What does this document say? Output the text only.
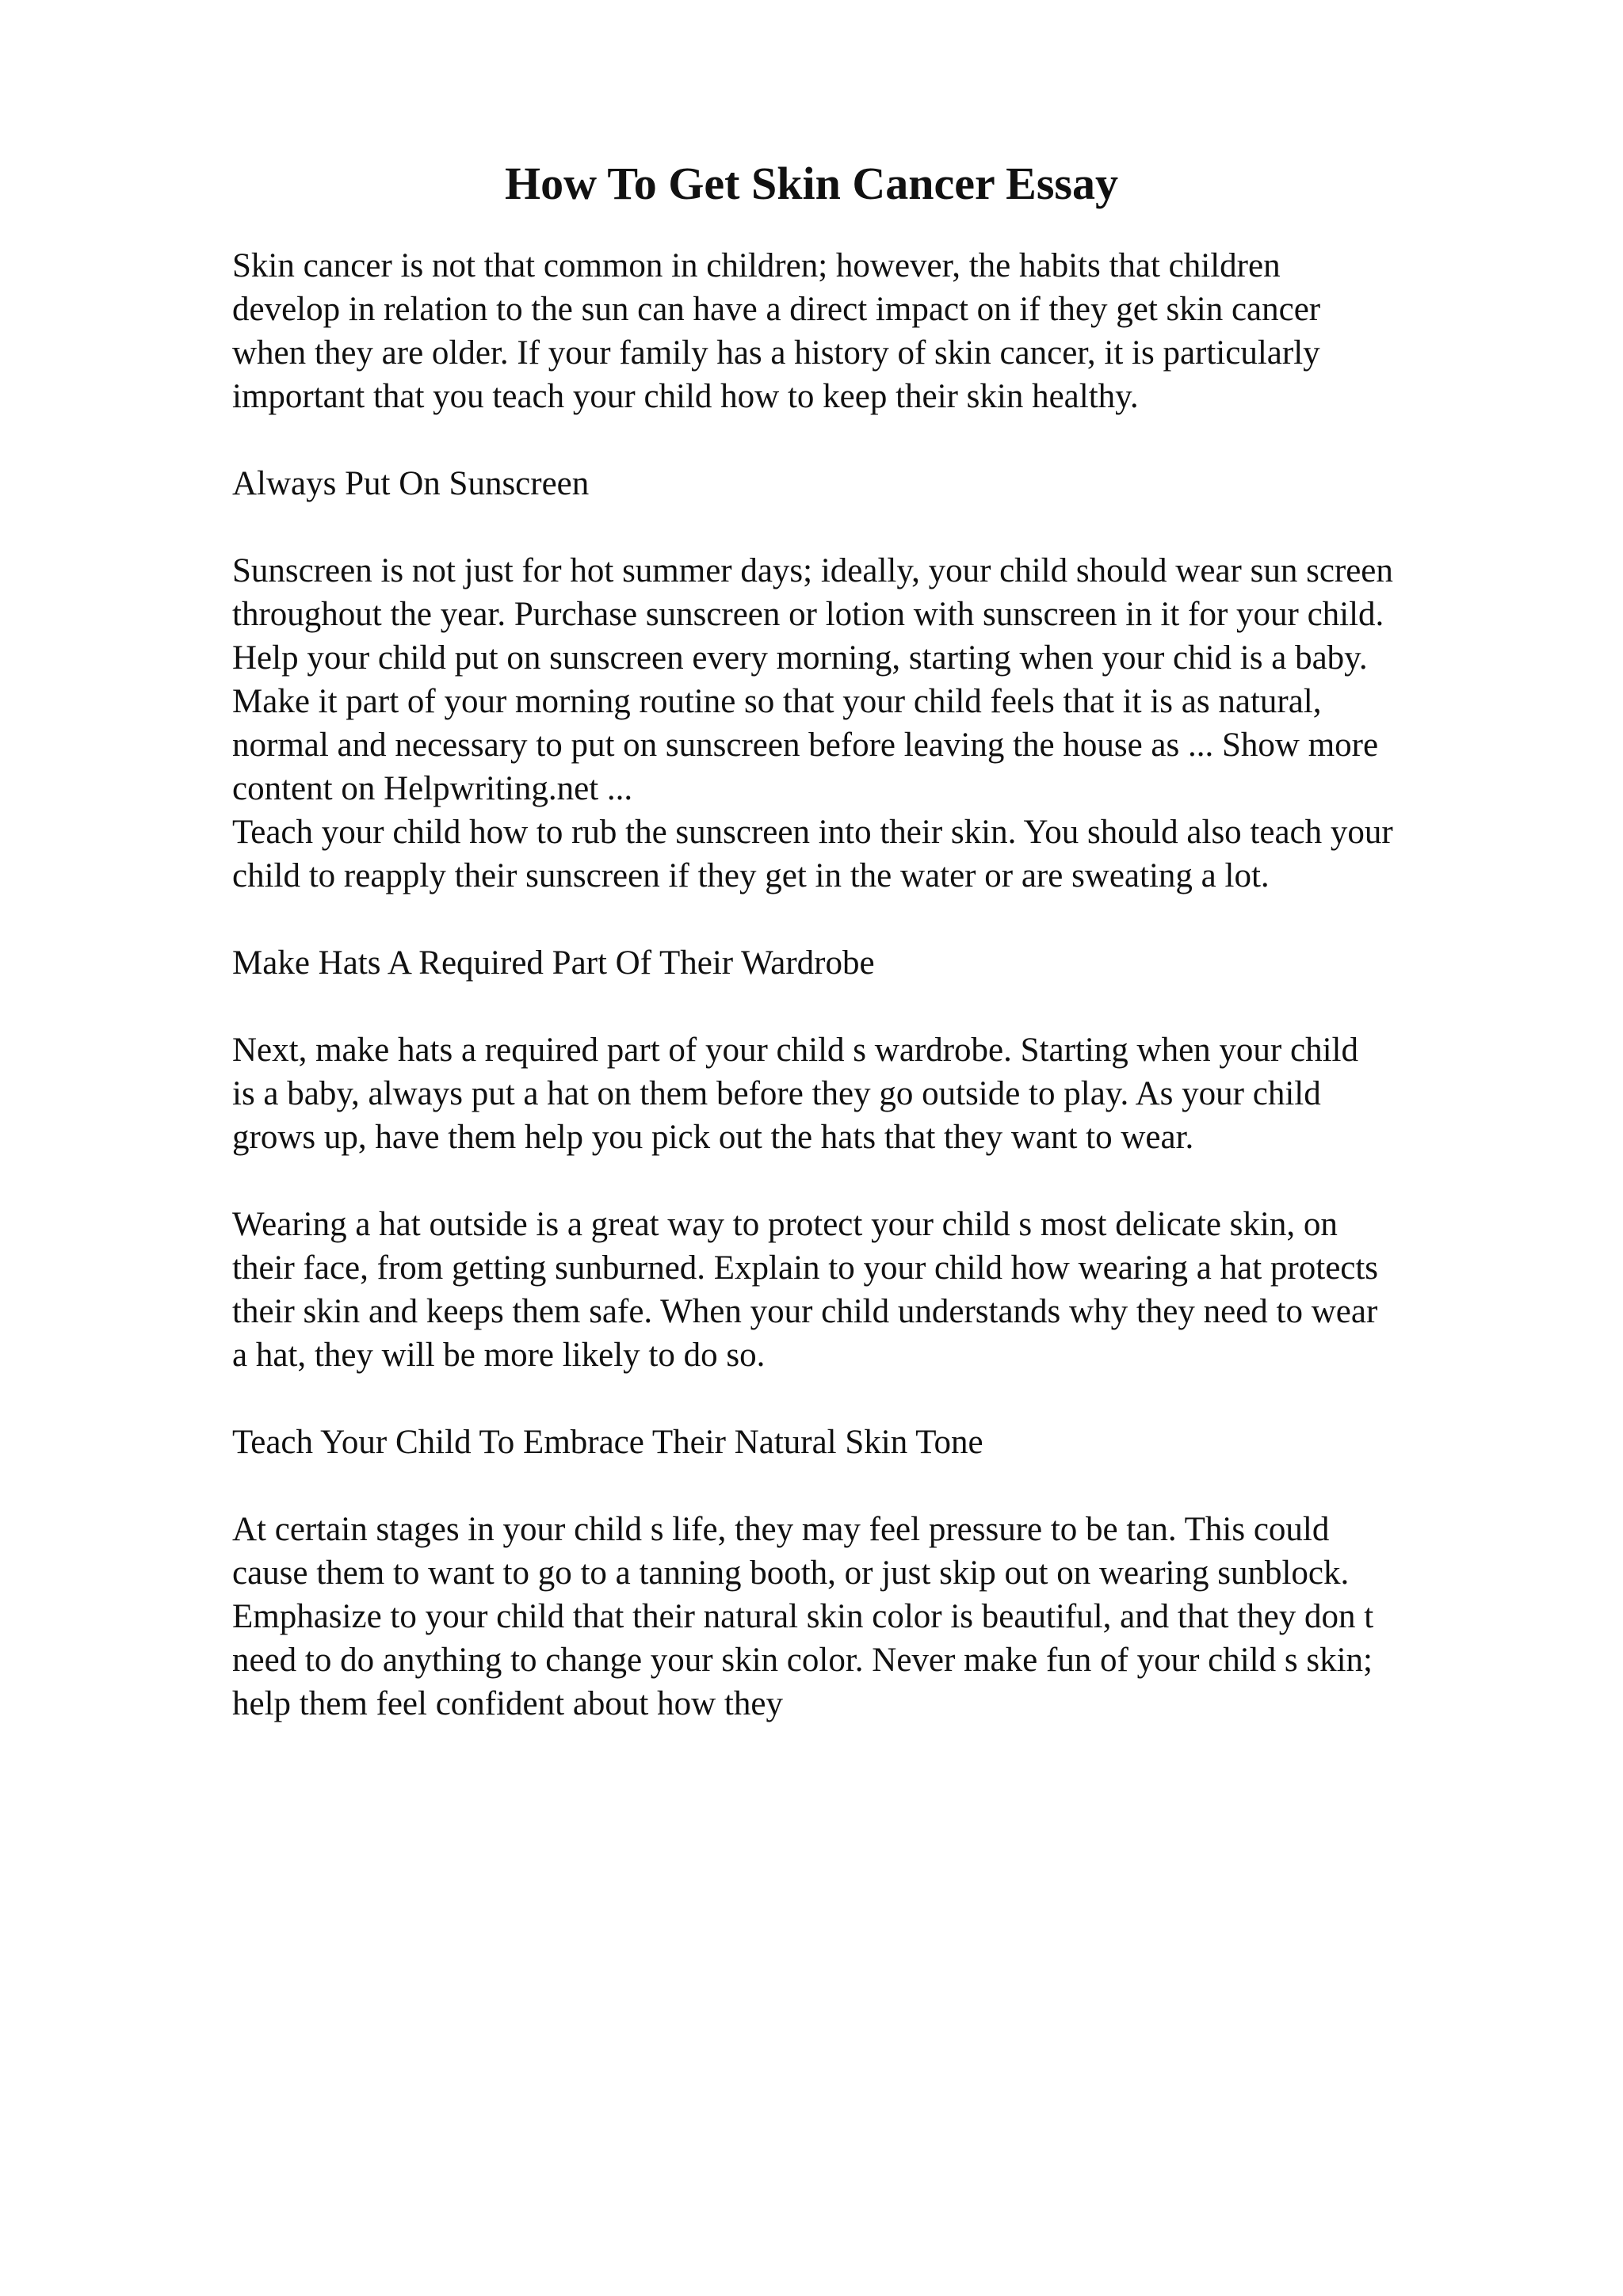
How To Get Skin Cancer Essay

Skin cancer is not that common in children; however, the habits that children
develop in relation to the sun can have a direct impact on if they get skin cancer
when they are older. If your family has a history of skin cancer, it is particularly
important that you teach your child how to keep their skin healthy.

Always Put On Sunscreen

Sunscreen is not just for hot summer days; ideally, your child should wear sun screen
throughout the year. Purchase sunscreen or lotion with sunscreen in it for your child.
Help your child put on sunscreen every morning, starting when your chid is a baby.
Make it part of your morning routine so that your child feels that it is as natural,
normal and necessary to put on sunscreen before leaving the house as ... Show more
content on Helpwriting.net ...

Teach your child how to rub the sunscreen into their skin. You should also teach your
child to reapply their sunscreen if they get in the water or are sweating a lot.

Make Hats A Required Part Of Their Wardrobe

Next, make hats a required part of your child s wardrobe. Starting when your child
is a baby, always put a hat on them before they go outside to play. As your child
grows up, have them help you pick out the hats that they want to wear.

Wearing a hat outside is a great way to protect your child s most delicate skin, on
their face, from getting sunburned. Explain to your child how wearing a hat protects
their skin and keeps them safe. When your child understands why they need to wear
a hat, they will be more likely to do so.

Teach Your Child To Embrace Their Natural Skin Tone

At certain stages in your child s life, they may feel pressure to be tan. This could
cause them to want to go to a tanning booth, or just skip out on wearing sunblock.
Emphasize to your child that their natural skin color is beautiful, and that they don t
need to do anything to change your skin color. Never make fun of your child s skin;
help them feel confident about how they
